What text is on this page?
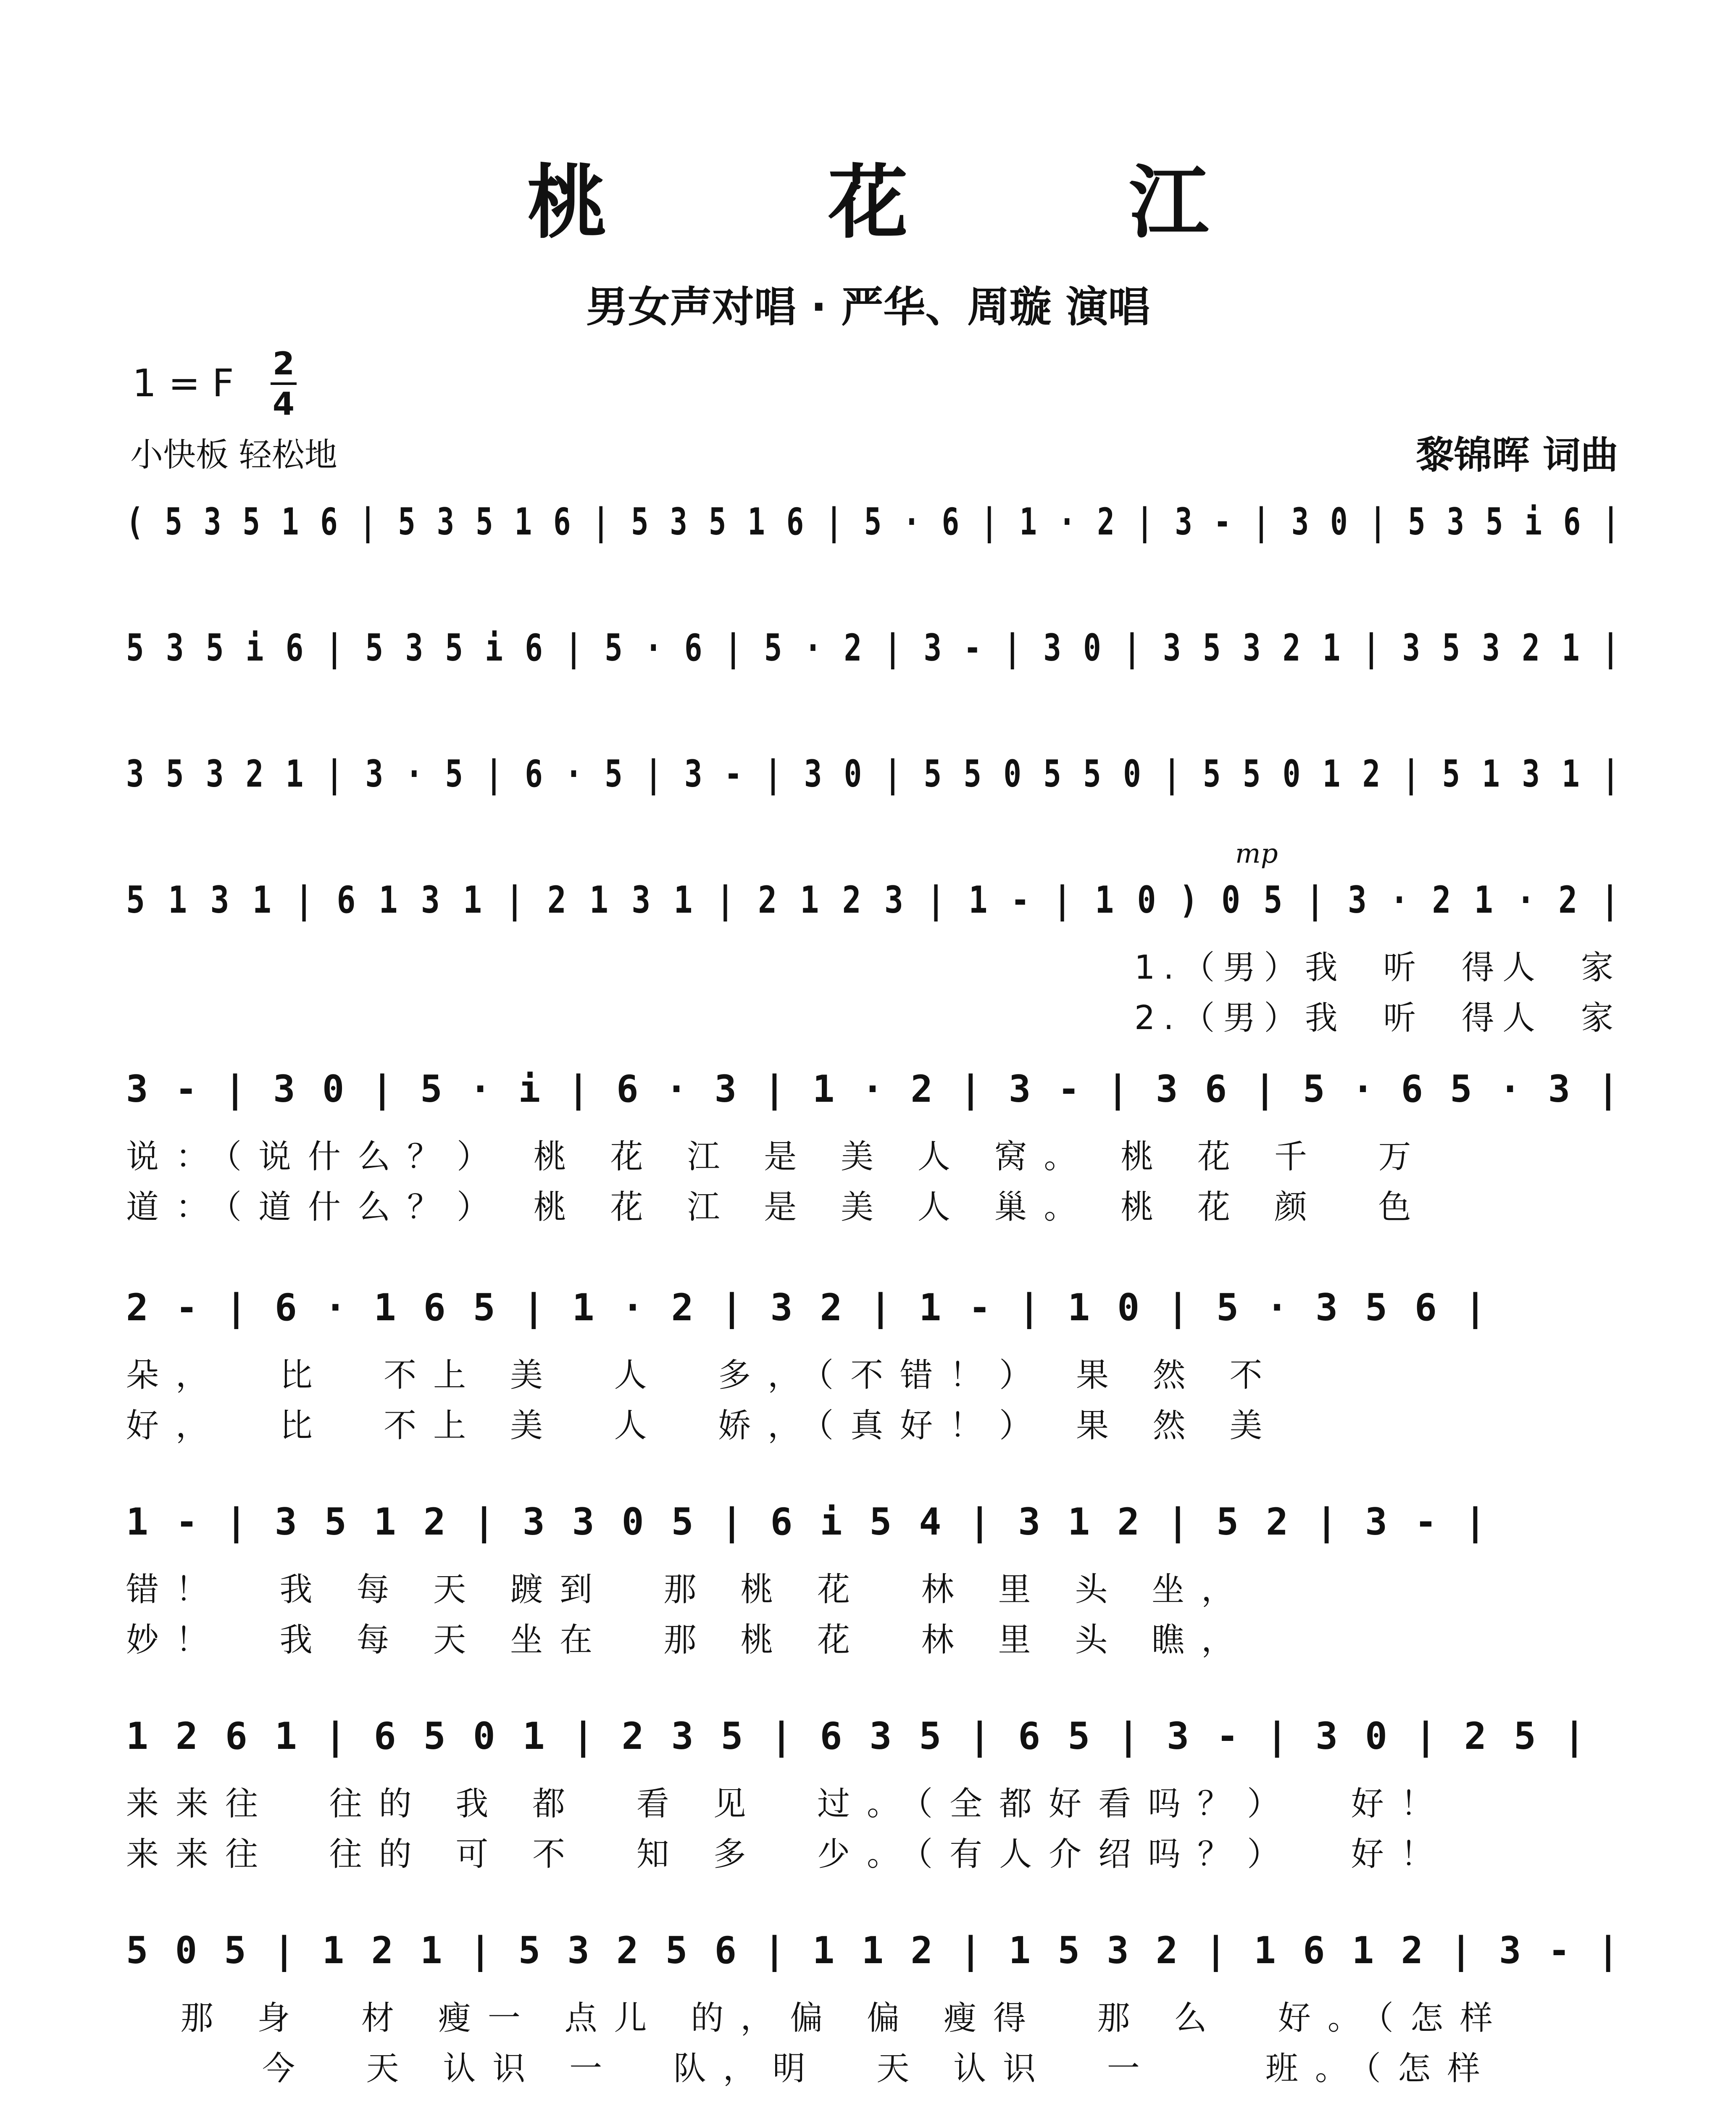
桃 花 江
男女声对唱 · 严华、周璇 演唱
1 = F 2
4
小快板 轻松地	黎锦晖 词曲
( 5 3 5 1 6 | 5 3 5 1 6 | 5 3 5 1 6 | 5 · 6 | 1 · 2 | 3 - | 3 0 | 5 3 5 i 6 |
5 3 5 i 6 | 5 3 5 i 6 | 5 · 6 | 5 · 2 | 3 - | 3 0 | 3 5 3 2 1 | 3 5 3 2 1 |
3 5 3 2 1 | 3 · 5 | 6 · 5 | 3 - | 3 0 | 5 5 0 5 5 0 | 5 5 0 1 2 | 5 1 3 1 |
5 1 3 1 | 6 1 3 1 | 2 1 3 1 | 2 1 2 3 | 1 - | 1 0 ) 0 5 | 3 · 2 1 · 2 |
mp
1.（男）我  听  得人  家
2.（男）我  听  得人  家
3 - | 3 0 | 5 · i | 6 · 3 | 1 · 2 | 3 - | 3 6 | 5 · 6 5 · 3 |
说：（说什么？） 桃 花 江 是 美 人 窝。 桃 花 千  万
道：（道什么？） 桃 花 江 是 美 人 巢。 桃 花 颜  色
2 - | 6 · 1 6 5 | 1 · 2 | 3 2 | 1 - | 1 0 | 5 · 3 5 6 |
朵，  比  不上 美  人  多，（不错！） 果 然 不
好，  比  不上 美  人  娇，（真好！） 果 然 美
1 - | 3 5 1 2 | 3 3 0 5 | 6 i 5 4 | 3 1 2 | 5 2 | 3 - |
错！  我 每 天 踱到  那 桃 花  林 里 头 坐，
妙！  我 每 天 坐在  那 桃 花  林 里 头 瞧，
1 2 6 1 | 6 5 0 1 | 2 3 5 | 6 3 5 | 6 5 | 3 - | 3 0 | 2 5 |
来来往  往的 我 都  看 见  过。（全都好看吗？）  好！
来来往  往的 可 不  知 多  少。（有人介绍吗？）  好！
5 0 5 | 1 2 1 | 5 3 2 5 6 | 1 1 2 | 1 5 3 2 | 1 6 1 2 | 3 - |
那 身  材 瘦一 点儿 的，偏 偏 瘦得  那 么  好。（怎样
今  天 认识 一  队，明  天 认识  一    班。（怎样
